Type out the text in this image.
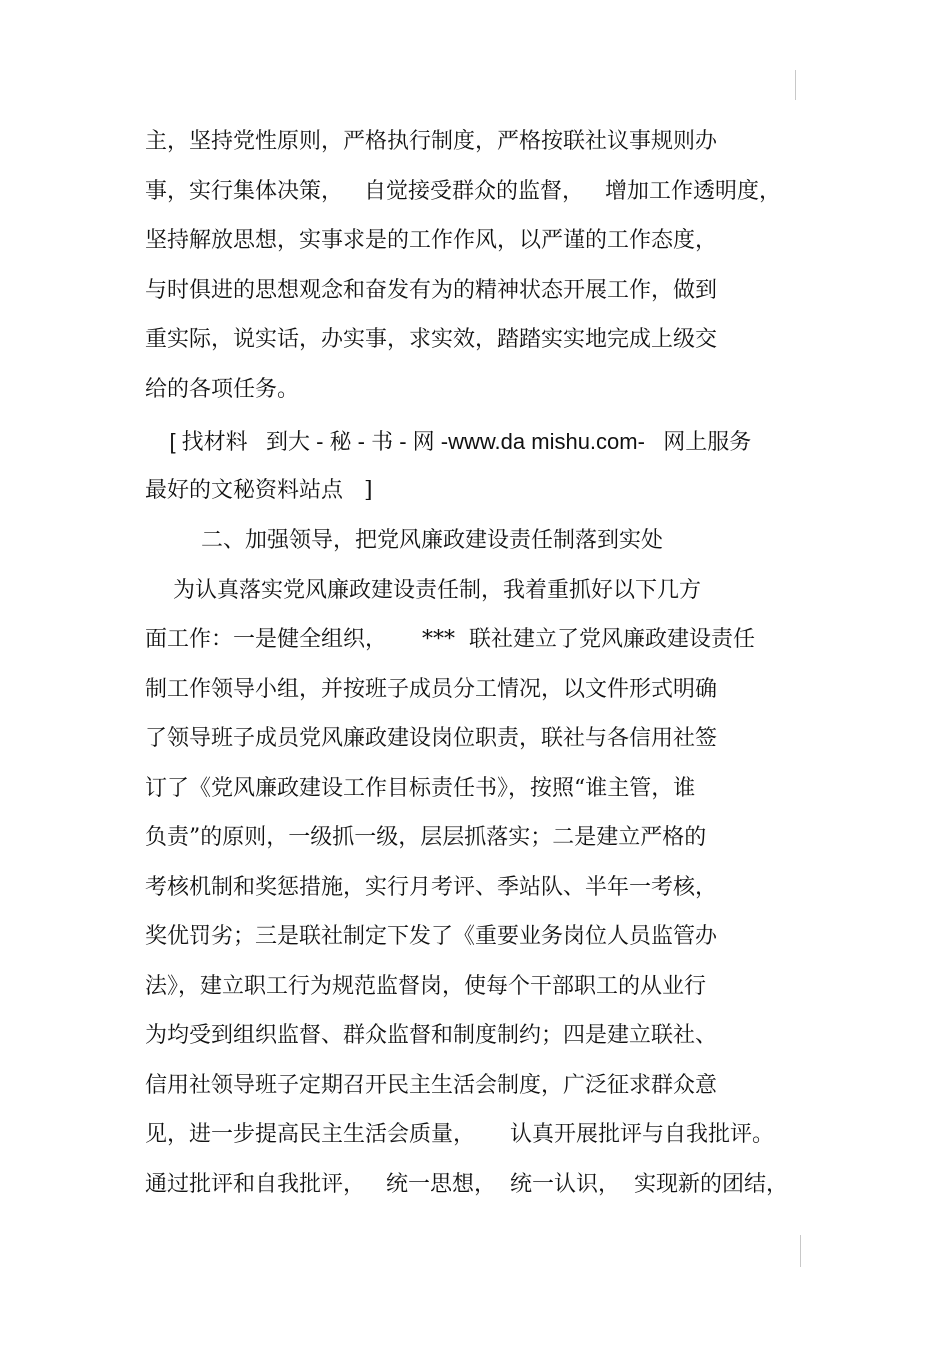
主，坚持党性原则，严格执行制度，严格按联社议事规则办

事，实行集体决策，   自觉接受群众的监督，   增加工作透明度，

坚持解放思想，实事求是的工作作风，以严谨的工作态度，

与时俱进的思想观念和奋发有为的精神状态开展工作，做到

重实际，说实话，办实事，求实效，踏踏实实地完成上级交

给的各项任务。

[ 找材料   到大 - 秘 - 书 - 网 -www.da mishu.com-   网上服务

最好的文秘资料站点   ]

二、加强领导，把党风廉政建设责任制落到实处

为认真落实党风廉政建设责任制，我着重抓好以下几方

面工作：一是健全组织，     ***  联社建立了党风廉政建设责任

制工作领导小组，并按班子成员分工情况，以文件形式明确

了领导班子成员党风廉政建设岗位职责，联社与各信用社签

订了《党风廉政建设工作目标责任书》，按照“谁主管，谁

负责”的原则，一级抓一级，层层抓落实；二是建立严格的

考核机制和奖惩措施，实行月考评、季站队、半年一考核，

奖优罚劣；三是联社制定下发了《重要业务岗位人员监管办

法》，建立职工行为规范监督岗，使每个干部职工的从业行

为均受到组织监督、群众监督和制度制约；四是建立联社、

信用社领导班子定期召开民主生活会制度，广泛征求群众意

见，进一步提高民主生活会质量，     认真开展批评与自我批评。

通过批评和自我批评，   统一思想，  统一认识，  实现新的团结，
